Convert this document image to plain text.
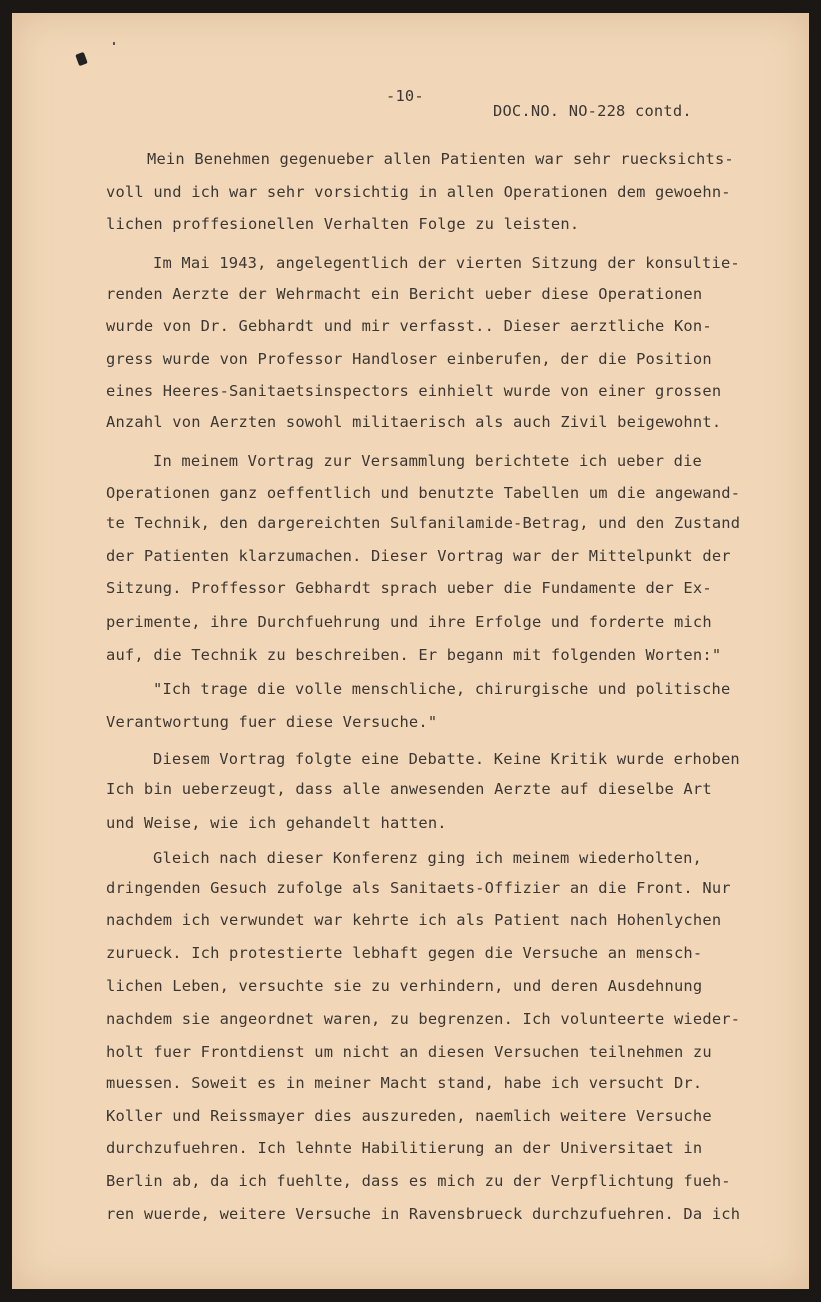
-10-
DOC.NO. NO-228 contd.
Mein Benehmen gegenueber allen Patienten war sehr ruecksichts-
voll und ich war sehr vorsichtig in allen Operationen dem gewoehn-
lichen proffesionellen Verhalten Folge zu leisten.
Im Mai 1943, angelegentlich der vierten Sitzung der konsultie-
renden Aerzte der Wehrmacht ein Bericht ueber diese Operationen
wurde von Dr. Gebhardt und mir verfasst.. Dieser aerztliche Kon-
gress wurde von Professor Handloser einberufen, der die Position
eines Heeres-Sanitaetsinspectors einhielt wurde von einer grossen
Anzahl von Aerzten sowohl militaerisch als auch Zivil beigewohnt.
In meinem Vortrag zur Versammlung berichtete ich ueber die
Operationen ganz oeffentlich und benutzte Tabellen um die angewand-
te Technik, den dargereichten Sulfanilamide-Betrag, und den Zustand
der Patienten klarzumachen. Dieser Vortrag war der Mittelpunkt der
Sitzung. Proffessor Gebhardt sprach ueber die Fundamente der Ex-
perimente, ihre Durchfuehrung und ihre Erfolge und forderte mich
auf, die Technik zu beschreiben. Er begann mit folgenden Worten:"
"Ich trage die volle menschliche, chirurgische und politische
Verantwortung fuer diese Versuche."
Diesem Vortrag folgte eine Debatte. Keine Kritik wurde erhoben
Ich bin ueberzeugt, dass alle anwesenden Aerzte auf dieselbe Art
und Weise, wie ich gehandelt hatten.
Gleich nach dieser Konferenz ging ich meinem wiederholten,
dringenden Gesuch zufolge als Sanitaets-Offizier an die Front. Nur
nachdem ich verwundet war kehrte ich als Patient nach Hohenlychen
zurueck. Ich protestierte lebhaft gegen die Versuche an mensch-
lichen Leben, versuchte sie zu verhindern, und deren Ausdehnung
nachdem sie angeordnet waren, zu begrenzen. Ich volunteerte wieder-
holt fuer Frontdienst um nicht an diesen Versuchen teilnehmen zu
muessen. Soweit es in meiner Macht stand, habe ich versucht Dr.
Koller und Reissmayer dies auszureden, naemlich weitere Versuche
durchzufuehren. Ich lehnte Habilitierung an der Universitaet in
Berlin ab, da ich fuehlte, dass es mich zu der Verpflichtung fueh-
ren wuerde, weitere Versuche in Ravensbrueck durchzufuehren. Da ich
